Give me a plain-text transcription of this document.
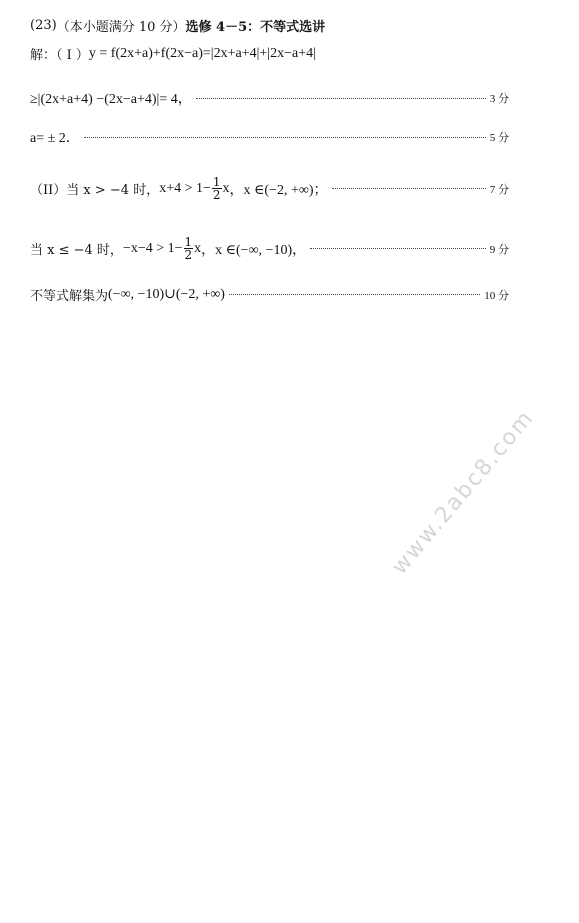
(23) （本小题满分 10 分） 选修 4－5：不等式选讲
解：（ I ） y = f(2x+a)+f(2x−a)=|2x+a+4|+|2x−a+4|
≥|(2x+a+4) −(2x−a+4)|= 4，	3 分
a= ± 2．	5 分
（II）当 x > −4 时， $x+4 > 1- \frac{1}{2}$ x ，x ∈(−2, +∞)；	7 分
当 x ≤ −4 时， $-x-4 > 1- \frac{1}{2}$ x ，x ∈(−∞, −10)，	9 分
不等式解集为 (−∞, −10)∪(−2, +∞)	10 分
www.2abc8.com
